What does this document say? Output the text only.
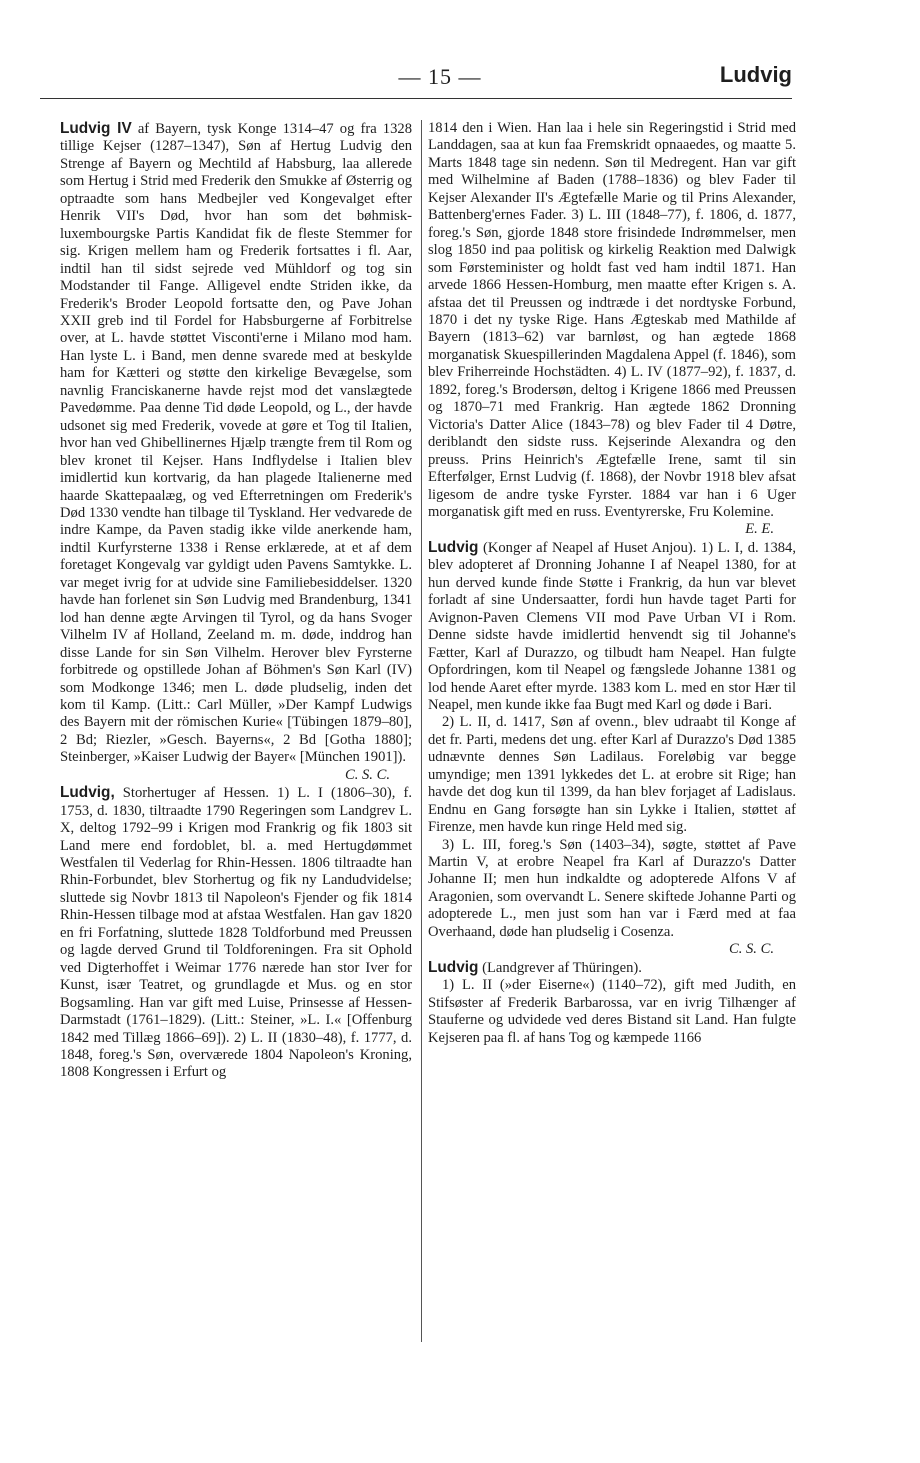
— 15 —	Ludvig

Ludvig IV af Bayern, tysk Konge 1314–47 og fra 1328 tillige Kejser (1287–1347), Søn af Hertug Ludvig den Strenge af Bayern og Mechtild af Habsburg, laa allerede som Hertug i Strid med Frederik den Smukke af Østerrig og optraadte som hans Medbejler ved Kongevalget efter Henrik VII's Død, hvor han som det bøhmisk-luxembourgske Partis Kandidat fik de fleste Stemmer for sig. Krigen mellem ham og Frederik fortsattes i fl. Aar, indtil han til sidst sejrede ved Mühldorf og tog sin Modstander til Fange. Alligevel endte Striden ikke, da Frederik's Broder Leopold fortsatte den, og Pave Johan XXII greb ind til Fordel for Habsburgerne af Forbitrelse over, at L. havde støttet Visconti'erne i Milano mod ham. Han lyste L. i Band, men denne svarede med at beskylde ham for Kætteri og støtte den kirkelige Bevægelse, som navnlig Franciskanerne havde rejst mod det vanslægtede Pavedømme. Paa denne Tid døde Leopold, og L., der havde udsonet sig med Frederik, vovede at gøre et Tog til Italien, hvor han ved Ghibellinernes Hjælp trængte frem til Rom og blev kronet til Kejser. Hans Indflydelse i Italien blev imidlertid kun kortvarig, da han plagede Italienerne med haarde Skattepaalæg, og ved Efterretningen om Frederik's Død 1330 vendte han tilbage til Tyskland. Her vedvarede de indre Kampe, da Paven stadig ikke vilde anerkende ham, indtil Kurfyrsterne 1338 i Rense erklærede, at et af dem foretaget Kongevalg var gyldigt uden Pavens Samtykke. L. var meget ivrig for at udvide sine Familiebesiddelser. 1320 havde han forlenet sin Søn Ludvig med Brandenburg, 1341 lod han denne ægte Arvingen til Tyrol, og da hans Svoger Vilhelm IV af Holland, Zeeland m. m. døde, inddrog han disse Lande for sin Søn Vilhelm. Herover blev Fyrsterne forbitrede og opstillede Johan af Böhmen's Søn Karl (IV) som Modkonge 1346; men L. døde pludselig, inden det kom til Kamp. (Litt.: Carl Müller, »Der Kampf Ludwigs des Bayern mit der römischen Kurie« [Tübingen 1879–80], 2 Bd; Riezler, »Gesch. Bayerns«, 2 Bd [Gotha 1880]; Steinberger, »Kaiser Ludwig der Bayer« [München 1901]).
C. S. C.

Ludvig, Storhertuger af Hessen. 1) L. I (1806–30), f. 1753, d. 1830, tiltraadte 1790 Regeringen som Landgrev L. X, deltog 1792–99 i Krigen mod Frankrig og fik 1803 sit Land mere end fordoblet, bl. a. med Hertugdømmet Westfalen til Vederlag for Rhin-Hessen. 1806 tiltraadte han Rhin-Forbundet, blev Storhertug og fik ny Landudvidelse; sluttede sig Novbr 1813 til Napoleon's Fjender og fik 1814 Rhin-Hessen tilbage mod at afstaa Westfalen. Han gav 1820 en fri Forfatning, sluttede 1828 Toldforbund med Preussen og lagde derved Grund til Toldforeningen. Fra sit Ophold ved Digterhoffet i Weimar 1776 nærede han stor Iver for Kunst, især Teatret, og grundlagde et Mus. og en stor Bogsamling. Han var gift med Luise, Prinsesse af Hessen-Darmstadt (1761–1829). (Litt.: Steiner, »L. I.« [Offenburg 1842 med Tillæg 1866–69]). 2) L. II (1830–48), f. 1777, d. 1848, foreg.'s Søn, overværede 1804 Napoleon's Kroning, 1808 Kongressen i Erfurt og

1814 den i Wien. Han laa i hele sin Regeringstid i Strid med Landdagen, saa at kun faa Fremskridt opnaaedes, og maatte 5. Marts 1848 tage sin nedenn. Søn til Medregent. Han var gift med Wilhelmine af Baden (1788–1836) og blev Fader til Kejser Alexander II's Ægtefælle Marie og til Prins Alexander, Battenberg'ernes Fader. 3) L. III (1848–77), f. 1806, d. 1877, foreg.'s Søn, gjorde 1848 store frisindede Indrømmelser, men slog 1850 ind paa politisk og kirkelig Reaktion med Dalwigk som Førsteminister og holdt fast ved ham indtil 1871. Han arvede 1866 Hessen-Homburg, men maatte efter Krigen s. A. afstaa det til Preussen og indtræde i det nordtyske Forbund, 1870 i det ny tyske Rige. Hans Ægteskab med Mathilde af Bayern (1813–62) var barnløst, og han ægtede 1868 morganatisk Skuespillerinden Magdalena Appel (f. 1846), som blev Friherreinde Hochstädten. 4) L. IV (1877–92), f. 1837, d. 1892, foreg.'s Brodersøn, deltog i Krigene 1866 med Preussen og 1870–71 med Frankrig. Han ægtede 1862 Dronning Victoria's Datter Alice (1843–78) og blev Fader til 4 Døtre, deriblandt den sidste russ. Kejserinde Alexandra og den preuss. Prins Heinrich's Ægtefælle Irene, samt til sin Efterfølger, Ernst Ludvig (f. 1868), der Novbr 1918 blev afsat ligesom de andre tyske Fyrster. 1884 var han i 6 Uger morganatisk gift med en russ. Eventyrerske, Fru Kolemine.
E. E.

Ludvig (Konger af Neapel af Huset Anjou). 1) L. I, d. 1384, blev adopteret af Dronning Johanne I af Neapel 1380, for at hun derved kunde finde Støtte i Frankrig, da hun var blevet forladt af sine Undersaatter, fordi hun havde taget Parti for Avignon-Paven Clemens VII mod Pave Urban VI i Rom. Denne sidste havde imidlertid henvendt sig til Johanne's Fætter, Karl af Durazzo, og tilbudt ham Neapel. Han fulgte Opfordringen, kom til Neapel og fængslede Johanne 1381 og lod hende Aaret efter myrde. 1383 kom L. med en stor Hær til Neapel, men kunde ikke faa Bugt med Karl og døde i Bari.

2) L. II, d. 1417, Søn af ovenn., blev udraabt til Konge af det fr. Parti, medens det ung. efter Karl af Durazzo's Død 1385 udnævnte dennes Søn Ladilaus. Foreløbig var begge umyndige; men 1391 lykkedes det L. at erobre sit Rige; han havde det dog kun til 1399, da han blev forjaget af Ladislaus. Endnu en Gang forsøgte han sin Lykke i Italien, støttet af Firenze, men havde kun ringe Held med sig.

3) L. III, foreg.'s Søn (1403–34), søgte, støttet af Pave Martin V, at erobre Neapel fra Karl af Durazzo's Datter Johanne II; men hun indkaldte og adopterede Alfons V af Aragonien, som overvandt L. Senere skiftede Johanne Parti og adopterede L., men just som han var i Færd med at faa Overhaand, døde han pludselig i Cosenza.
C. S. C.

Ludvig (Landgrever af Thüringen).

1) L. II (»der Eiserne«) (1140–72), gift med Judith, en Stifsøster af Frederik Barbarossa, var en ivrig Tilhænger af Stauferne og udvidede ved deres Bistand sit Land. Han fulgte Kejseren paa fl. af hans Tog og kæmpede 1166
